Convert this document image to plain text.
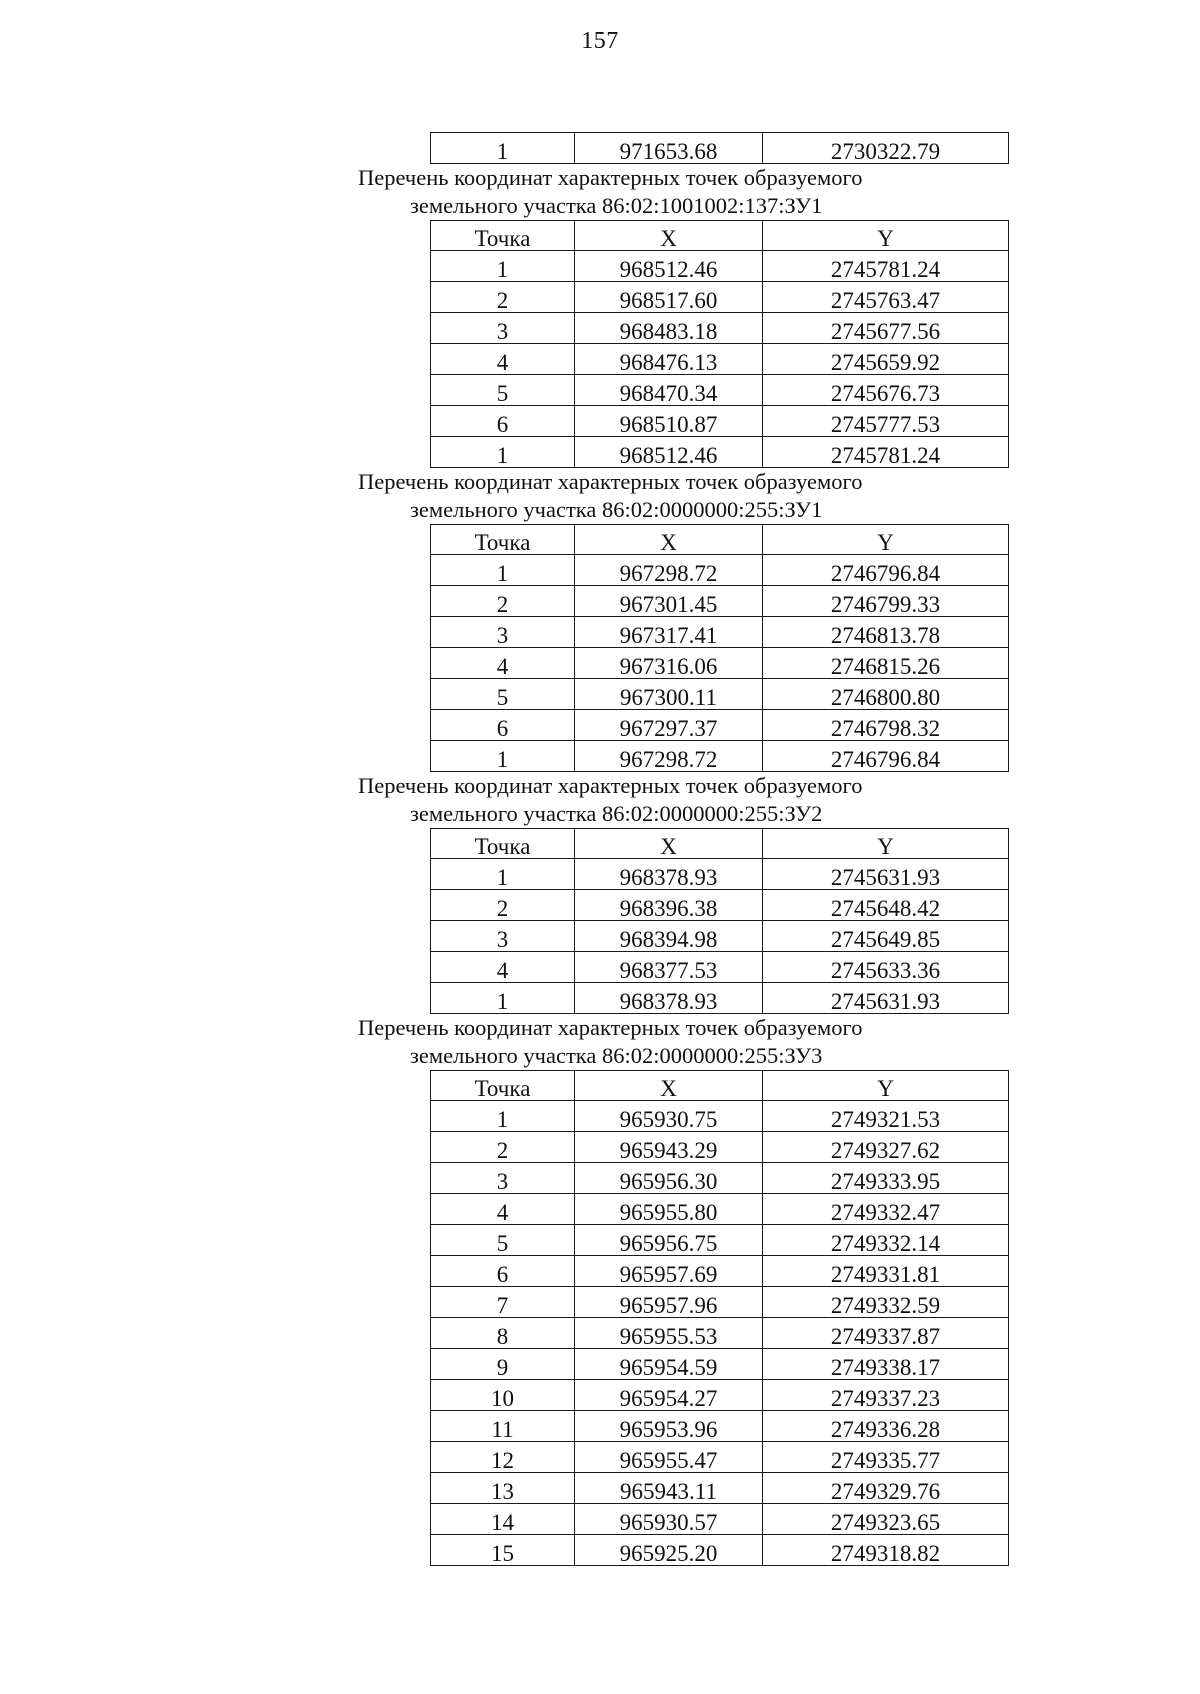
157
1	971653.68	2730322.79

Перечень координат характерных точек образуемого
земельного участка 86:02:1001002:137:ЗУ1

Точка	X	Y
1	968512.46	2745781.24
2	968517.60	2745763.47
3	968483.18	2745677.56
4	968476.13	2745659.92
5	968470.34	2745676.73
6	968510.87	2745777.53
1	968512.46	2745781.24

Перечень координат характерных точек образуемого
земельного участка 86:02:0000000:255:ЗУ1

Точка	X	Y
1	967298.72	2746796.84
2	967301.45	2746799.33
3	967317.41	2746813.78
4	967316.06	2746815.26
5	967300.11	2746800.80
6	967297.37	2746798.32
1	967298.72	2746796.84

Перечень координат характерных точек образуемого
земельного участка 86:02:0000000:255:ЗУ2

Точка	X	Y
1	968378.93	2745631.93
2	968396.38	2745648.42
3	968394.98	2745649.85
4	968377.53	2745633.36
1	968378.93	2745631.93

Перечень координат характерных точек образуемого
земельного участка 86:02:0000000:255:ЗУ3

Точка	X	Y
1	965930.75	2749321.53
2	965943.29	2749327.62
3	965956.30	2749333.95
4	965955.80	2749332.47
5	965956.75	2749332.14
6	965957.69	2749331.81
7	965957.96	2749332.59
8	965955.53	2749337.87
9	965954.59	2749338.17
10	965954.27	2749337.23
11	965953.96	2749336.28
12	965955.47	2749335.77
13	965943.11	2749329.76
14	965930.57	2749323.65
15	965925.20	2749318.82
